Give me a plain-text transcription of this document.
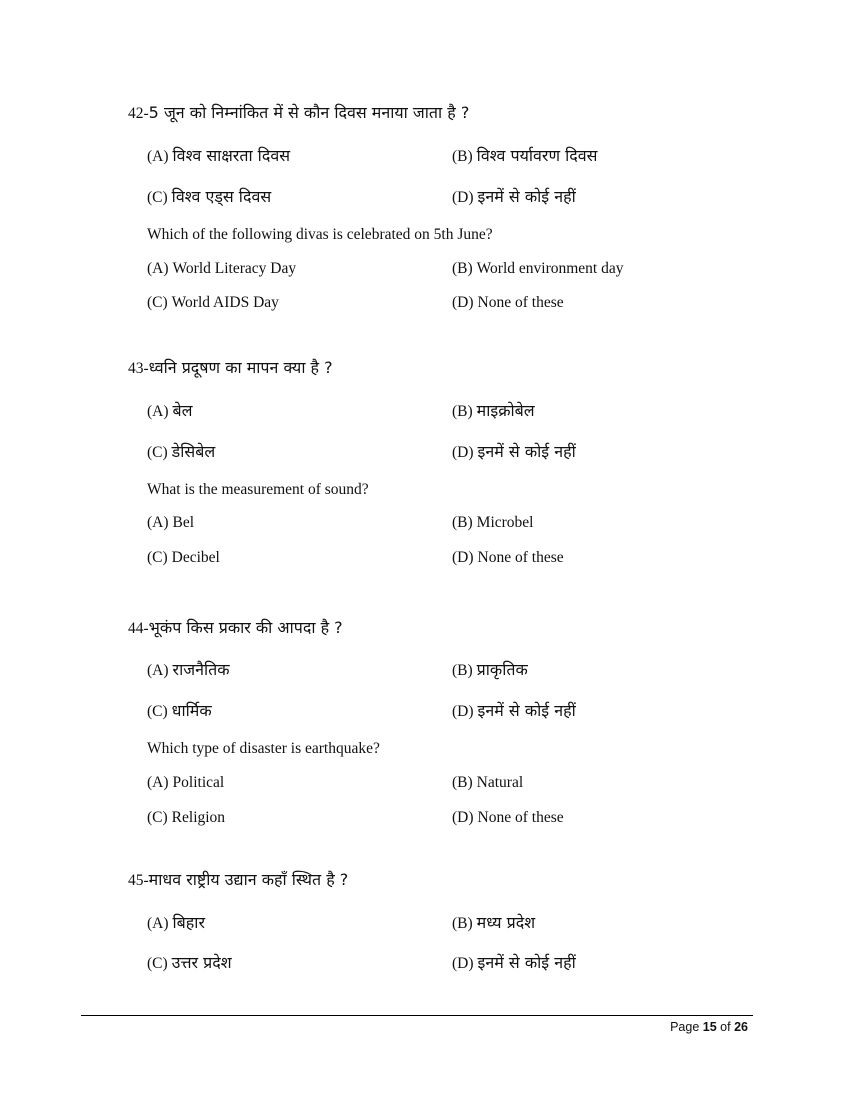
42-5 जून को निम्नांकित में से कौन दिवस मनाया जाता है ?
(A) विश्व साक्षरता दिवस	(B) विश्व पर्यावरण दिवस
(C) विश्व एड्स दिवस	(D) इनमें से कोई नहीं
Which of the following divas is celebrated on 5th June?
(A) World Literacy Day	(B) World environment day
(C) World AIDS Day	(D) None of these
43-ध्वनि प्रदूषण का मापन क्या है ?
(A) बेल	(B) माइक्रोबेल
(C) डेसिबेल	(D) इनमें से कोई नहीं
What is the measurement of sound?
(A) Bel	(B) Microbel
(C) Decibel	(D) None of these
44-भूकंप किस प्रकार की आपदा है ?
(A) राजनैतिक	(B) प्राकृतिक
(C) धार्मिक	(D) इनमें से कोई नहीं
Which type of disaster is earthquake?
(A) Political	(B) Natural
(C) Religion	(D) None of these
45-माधव राष्ट्रीय उद्यान कहाँ स्थित है ?
(A) बिहार	(B) मध्य प्रदेश
(C) उत्तर प्रदेश	(D) इनमें से कोई नहीं
Page 15 of 26
